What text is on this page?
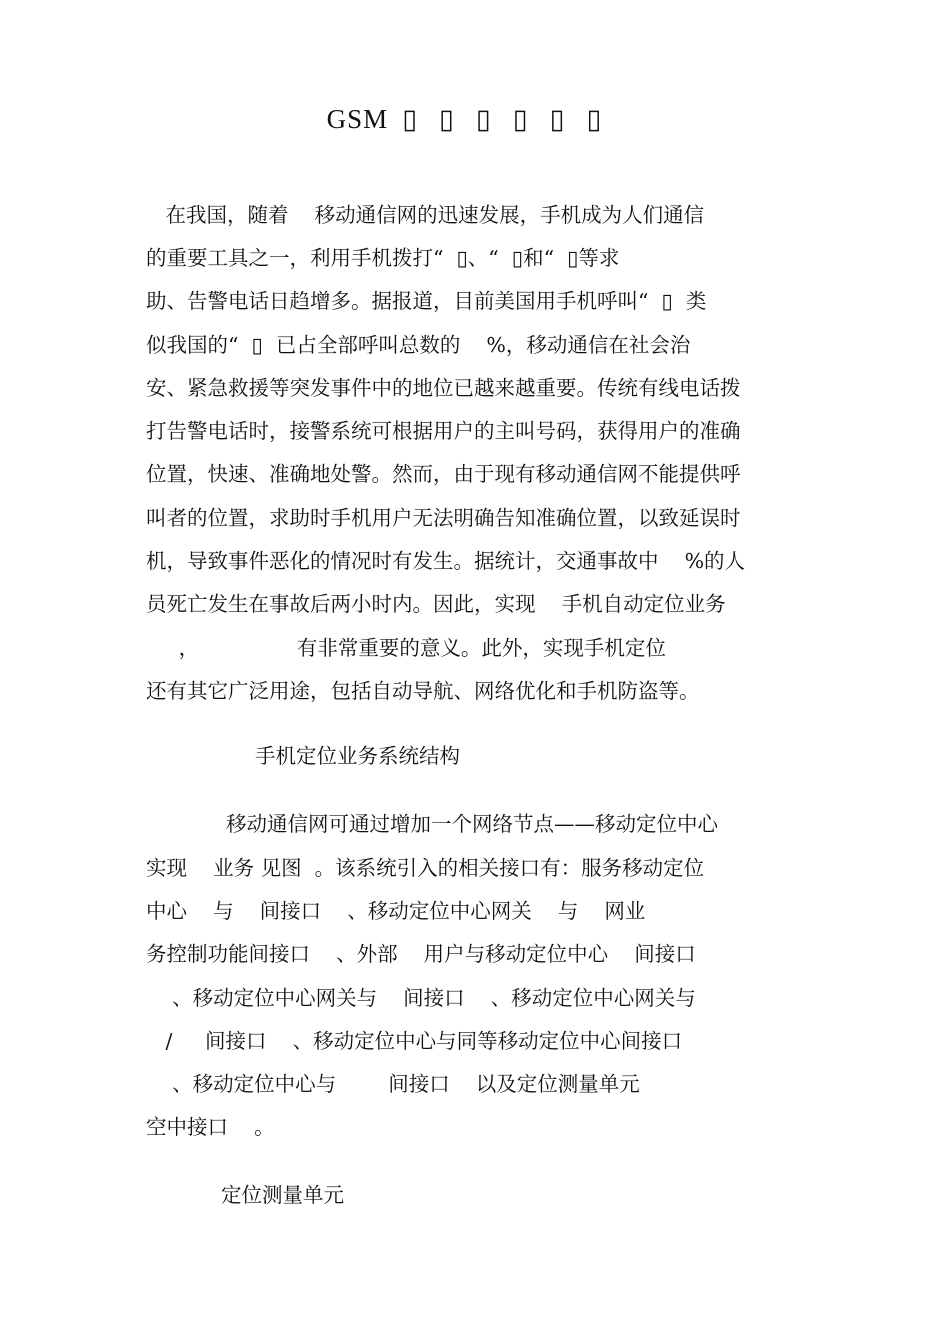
GSM ▯▯▯▯▯▯
在我国，随着    移动通信网的迅速发展，手机成为人们通信
的重要工具之一，利用手机拨打“  ▯、“  ▯和“  ▯等求
助、告警电话日趋增多。据报道，目前美国用手机呼叫“  ▯  类
似我国的“  ▯  已占全部呼叫总数的    %，移动通信在社会治
安、紧急救援等突发事件中的地位已越来越重要。传统有线电话拨
打告警电话时，接警系统可根据用户的主叫号码，获得用户的准确
位置，快速、准确地处警。然而，由于现有移动通信网不能提供呼
叫者的位置，求助时手机用户无法明确告知准确位置，以致延误时
机，导致事件恶化的情况时有发生。据统计，交通事故中    %的人
员死亡发生在事故后两小时内。因此，实现    手机自动定位业务
，               有非常重要的意义。此外，实现手机定位
还有其它广泛用途，包括自动导航、网络优化和手机防盗等。
手机定位业务系统结构
移动通信网可通过增加一个网络节点——移动定位中心
实现    业务 见图  。该系统引入的相关接口有：服务移动定位
中心    与    间接口    、移动定位中心网关    与    网业
务控制功能间接口    、外部    用户与移动定位中心    间接口
、移动定位中心网关与    间接口    、移动定位中心网关与
/     间接口    、移动定位中心与同等移动定位中心间接口
、移动定位中心与        间接口    以及定位测量单元
空中接口    。
定位测量单元
